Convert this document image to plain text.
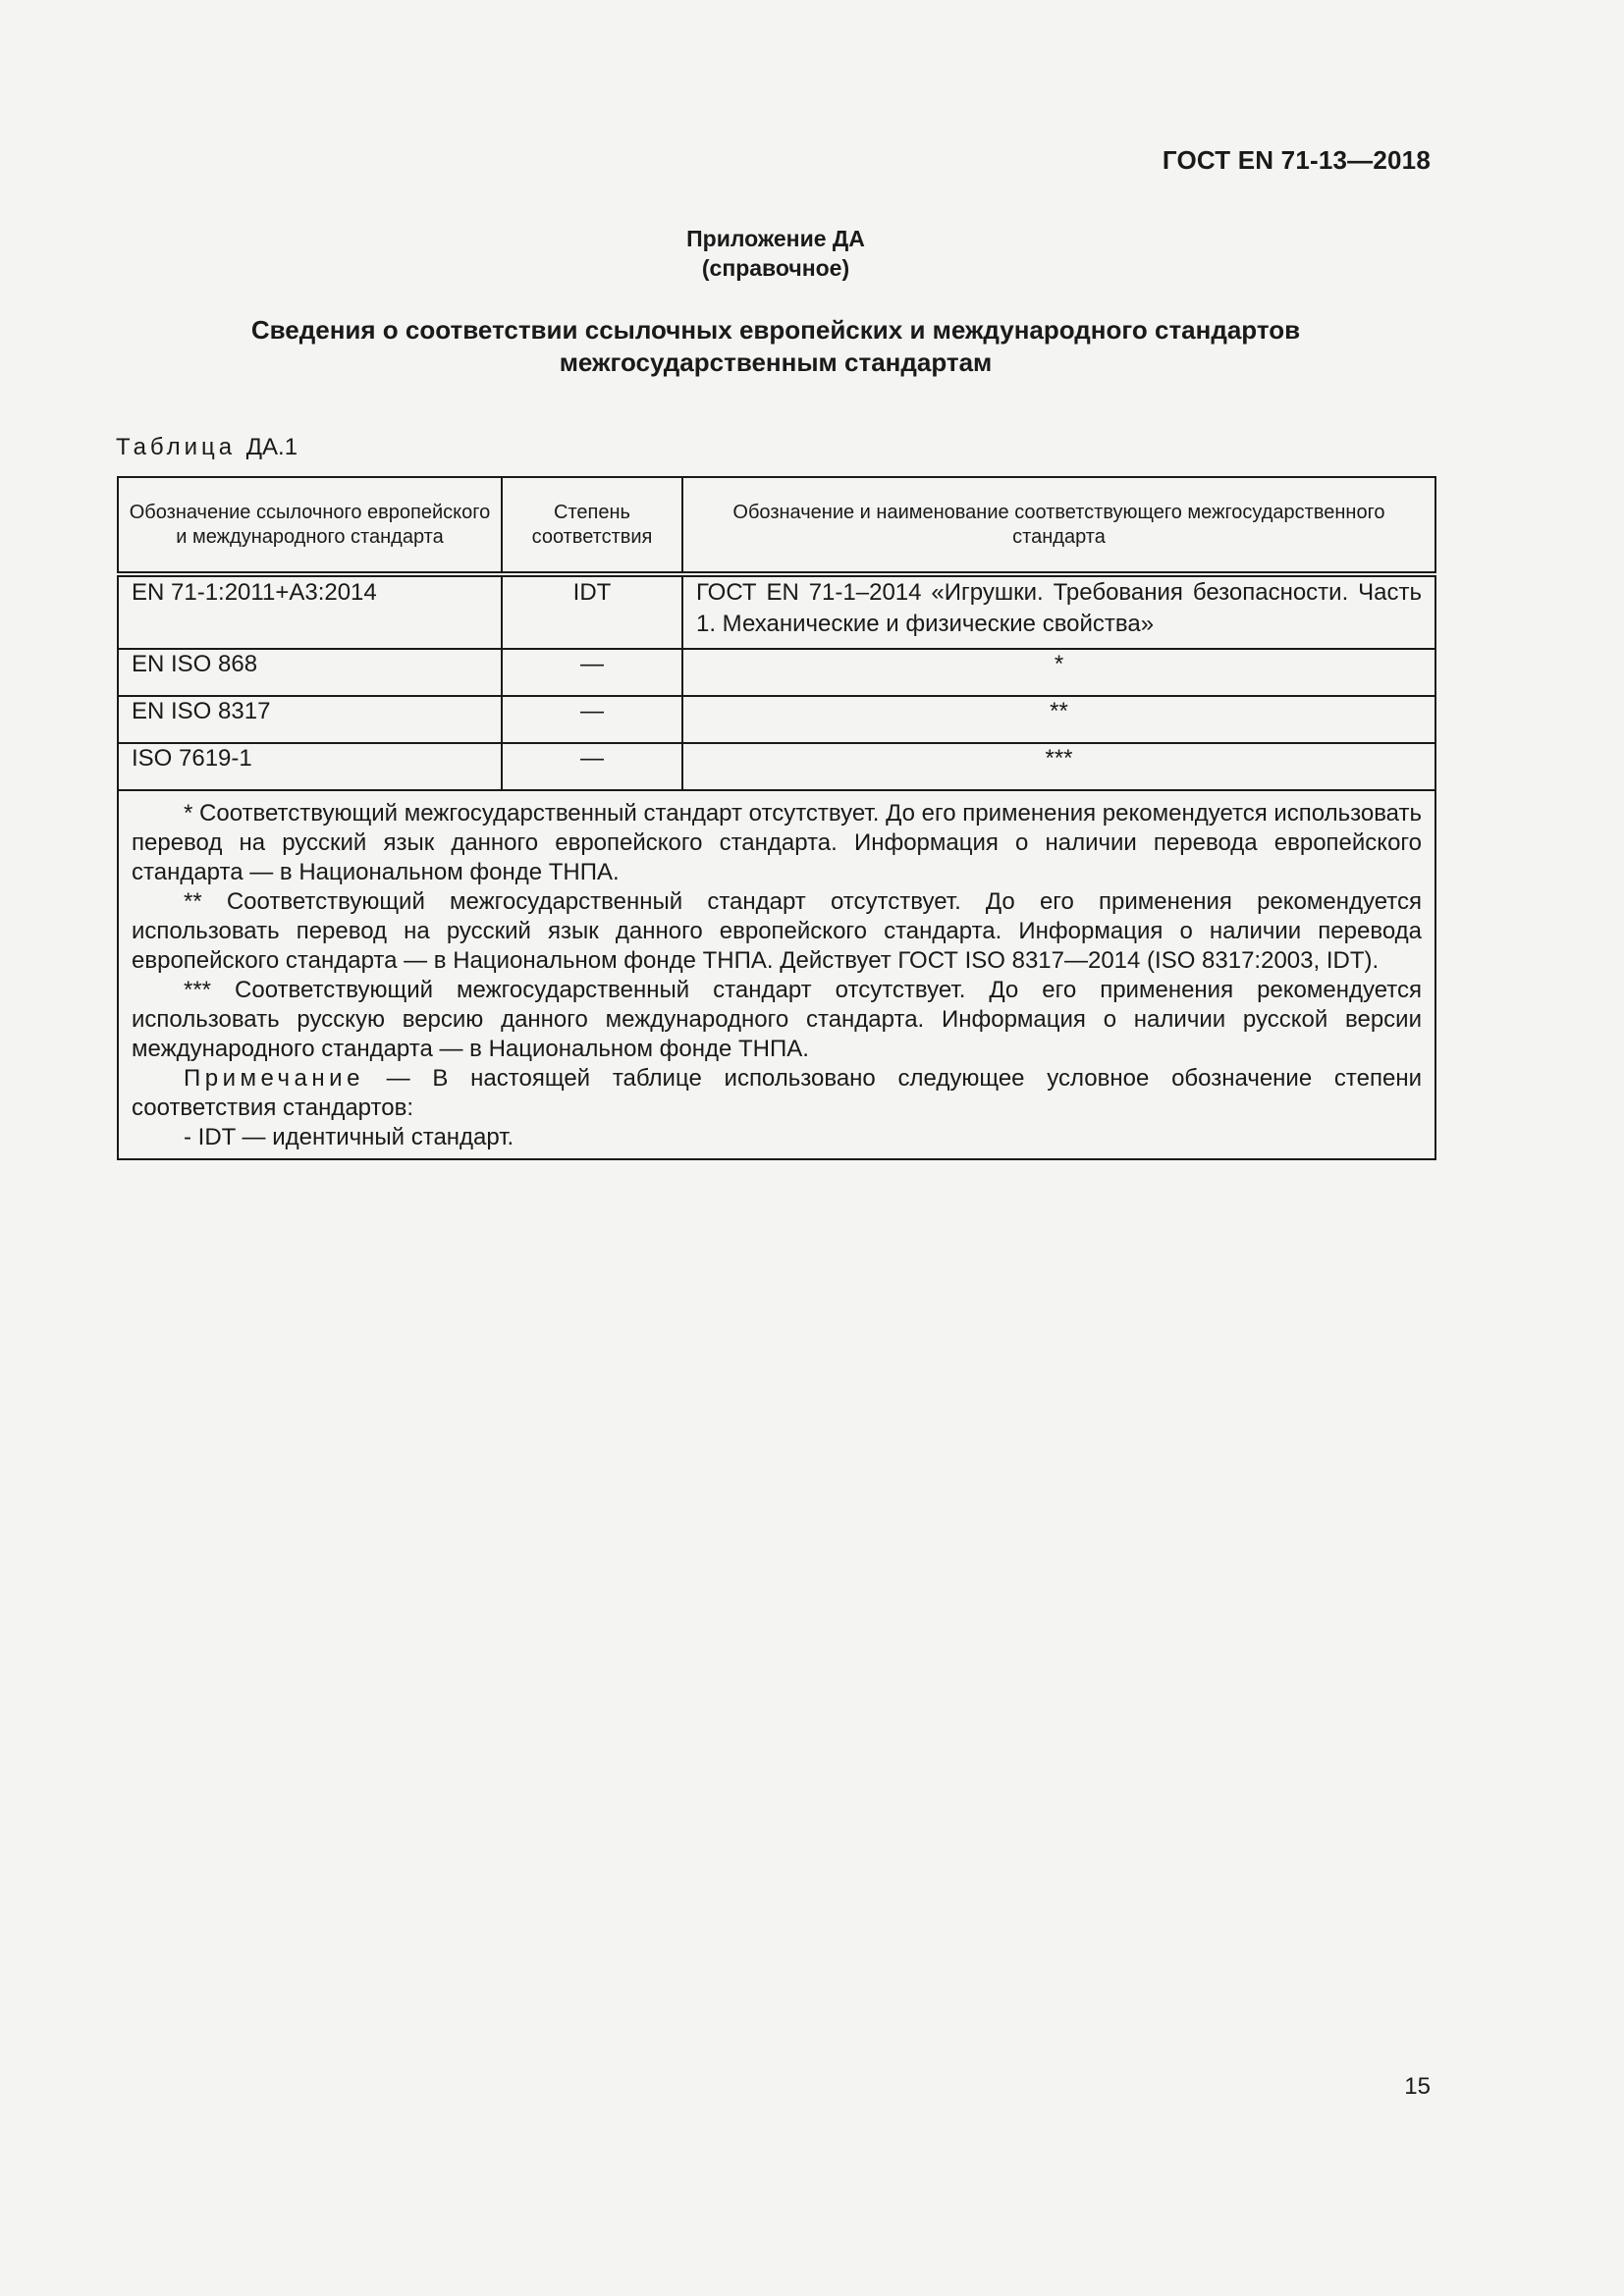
ГОСТ EN 71-13—2018
Приложение ДА
(справочное)
Сведения о соответствии ссылочных европейских и международного стандартов
межгосударственным стандартам
Таблица ДА.1
Обозначение ссылочного европейского и международного стандарта	Степень соответствия	Обозначение и наименование соответствующего межгосударственного стандарта
EN 71-1:2011+A3:2014	IDT	ГОСТ EN 71-1–2014 «Игрушки. Требования безопасности. Часть 1. Механические и физические свойства»
EN ISO 868	—	*
EN ISO 8317	—	**
ISO 7619-1	—	***

* Соответствующий межгосударственный стандарт отсутствует. До его применения рекомендуется использовать перевод на русский язык данного европейского стандарта. Информация о наличии перевода европейского стандарта — в Национальном фонде ТНПА.

** Соответствующий межгосударственный стандарт отсутствует. До его применения рекомендуется использовать перевод на русский язык данного европейского стандарта. Информация о наличии перевода европейского стандарта — в Национальном фонде ТНПА. Действует ГОСТ ISO 8317—2014 (ISO 8317:2003, IDT).

*** Соответствующий межгосударственный стандарт отсутствует. До его применения рекомендуется использовать русскую версию данного международного стандарта. Информация о наличии русской версии международного стандарта — в Национальном фонде ТНПА.

Примечание — В настоящей таблице использовано следующее условное обозначение степени соответствия стандартов:

- IDT — идентичный стандарт.		

15
